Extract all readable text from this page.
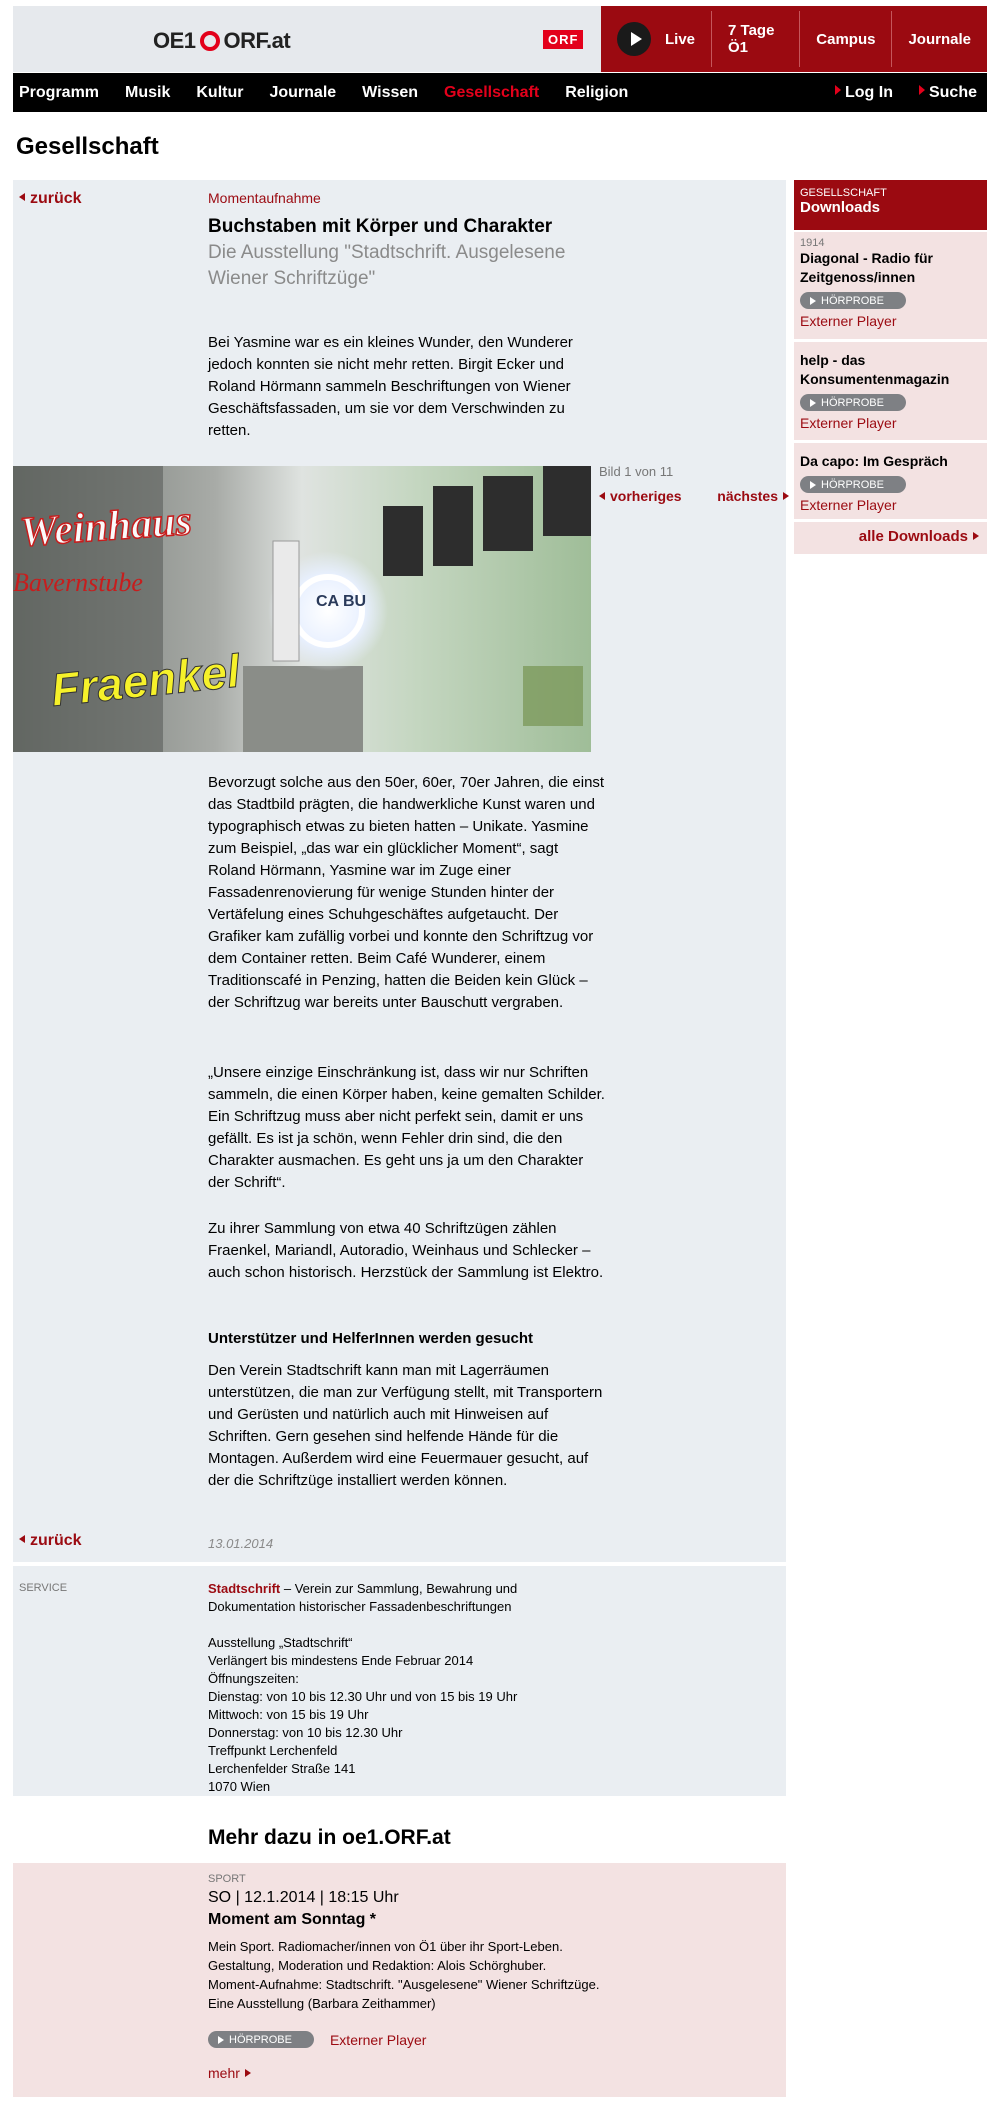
OE1 ORF.at	ORF	Live	7 Tage Ö1	Campus	Journale
Programm	Musik	Kultur	Journale	Wissen	Gesellschaft	Religion	Log In	Suche
Gesellschaft
zurück	Momentaufnahme
Buchstaben mit Körper und Charakter
Die Ausstellung "Stadtschrift. Ausgelesene Wiener Schriftzüge"
Bei Yasmine war es ein kleines Wunder, den Wunderer jedoch konnten sie nicht mehr retten. Birgit Ecker und Roland Hörmann sammeln Beschriftungen von Wiener Geschäftsfassaden, um sie vor dem Verschwinden zu retten.
CA BU
Weinhaus
Bavernstube
Fraenkel
Bild 1 von 11
vorheriges	nächstes
Bevorzugt solche aus den 50er, 60er, 70er Jahren, die einst das Stadtbild prägten, die handwerkliche Kunst waren und typographisch etwas zu bieten hatten – Unikate. Yasmine zum Beispiel, „das war ein glücklicher Moment“, sagt Roland Hörmann, Yasmine war im Zuge einer Fassadenrenovierung für wenige Stunden hinter der Vertäfelung eines Schuhgeschäftes aufgetaucht. Der Grafiker kam zufällig vorbei und konnte den Schriftzug vor dem Container retten. Beim Café Wunderer, einem Traditionscafé in Penzing, hatten die Beiden kein Glück – der Schriftzug war bereits unter Bauschutt vergraben.
„Unsere einzige Einschränkung ist, dass wir nur Schriften sammeln, die einen Körper haben, keine gemalten Schilder. Ein Schriftzug muss aber nicht perfekt sein, damit er uns gefällt. Es ist ja schön, wenn Fehler drin sind, die den Charakter ausmachen. Es geht uns ja um den Charakter der Schrift“.
Zu ihrer Sammlung von etwa 40 Schriftzügen zählen Fraenkel, Mariandl, Autoradio, Weinhaus und Schlecker – auch schon historisch. Herzstück der Sammlung ist Elektro.
Unterstützer und HelferInnen werden gesucht
Den Verein Stadtschrift kann man mit Lagerräumen unterstützen, die man zur Verfügung stellt, mit Transportern und Gerüsten und natürlich auch mit Hinweisen auf Schriften. Gern gesehen sind helfende Hände für die Montagen. Außerdem wird eine Feuermauer gesucht, auf der die Schriftzüge installiert werden können.
zurück	13.01.2014
SERVICE	Stadtschrift – Verein zur Sammlung, Bewahrung und Dokumentation historischer Fassadenbeschriftungen
Ausstellung „Stadtschrift“
Verlängert bis mindestens Ende Februar 2014
Öffnungszeiten:
Dienstag: von 10 bis 12.30 Uhr und von 15 bis 19 Uhr
Mittwoch: von 15 bis 19 Uhr
Donnerstag: von 10 bis 12.30 Uhr
Treffpunkt Lerchenfeld
Lerchenfelder Straße 141
1070 Wien
Mehr dazu in oe1.ORF.at
SPORT
SO | 12.1.2014 | 18:15 Uhr
Moment am Sonntag *
Mein Sport. Radiomacher/innen von Ö1 über ihr Sport-Leben. Gestaltung, Moderation und Redaktion: Alois Schörghuber.
Moment-Aufnahme: Stadtschrift. "Ausgelesene" Wiener Schriftzüge. Eine Ausstellung (Barbara Zeithammer)
HÖRPROBE	Externer Player
mehr
GESELLSCHAFT
Downloads
1914
Diagonal - Radio für Zeitgenoss/innen
HÖRPROBE
Externer Player
help - das Konsumentenmagazin
HÖRPROBE
Externer Player
Da capo: Im Gespräch
HÖRPROBE
Externer Player
alle Downloads
